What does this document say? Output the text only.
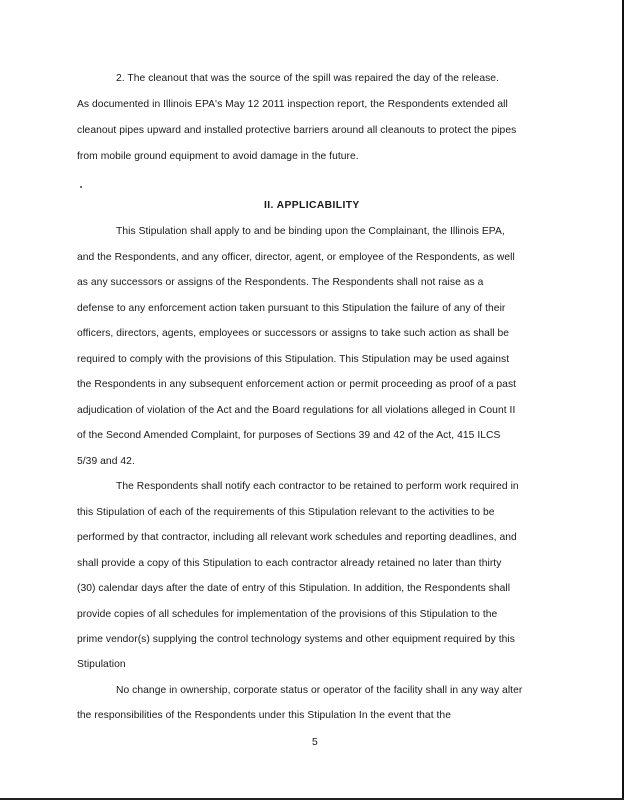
2. The cleanout that was the source of the spill was repaired the day of the release.
As documented in Illinois EPA's May 12 2011 inspection report, the Respondents extended all
cleanout pipes upward and installed protective barriers around all cleanouts to protect the pipes
from mobile ground equipment to avoid damage in the future.
II. APPLICABILITY
This Stipulation shall apply to and be binding upon the Complainant, the Illinois EPA,
and the Respondents, and any officer, director, agent, or employee of the Respondents, as well
as any successors or assigns of the Respondents. The Respondents shall not raise as a
defense to any enforcement action taken pursuant to this Stipulation the failure of any of their
officers, directors, agents, employees or successors or assigns to take such action as shall be
required to comply with the provisions of this Stipulation. This Stipulation may be used against
the Respondents in any subsequent enforcement action or permit proceeding as proof of a past
adjudication of violation of the Act and the Board regulations for all violations alleged in Count II
of the Second Amended Complaint, for purposes of Sections 39 and 42 of the Act, 415 ILCS
5/39 and 42.
The Respondents shall notify each contractor to be retained to perform work required in
this Stipulation of each of the requirements of this Stipulation relevant to the activities to be
performed by that contractor, including all relevant work schedules and reporting deadlines, and
shall provide a copy of this Stipulation to each contractor already retained no later than thirty
(30) calendar days after the date of entry of this Stipulation. In addition, the Respondents shall
provide copies of all schedules for implementation of the provisions of this Stipulation to the
prime vendor(s) supplying the control technology systems and other equipment required by this
Stipulation
No change in ownership, corporate status or operator of the facility shall in any way alter
the responsibilities of the Respondents under this Stipulation In the event that the
5
